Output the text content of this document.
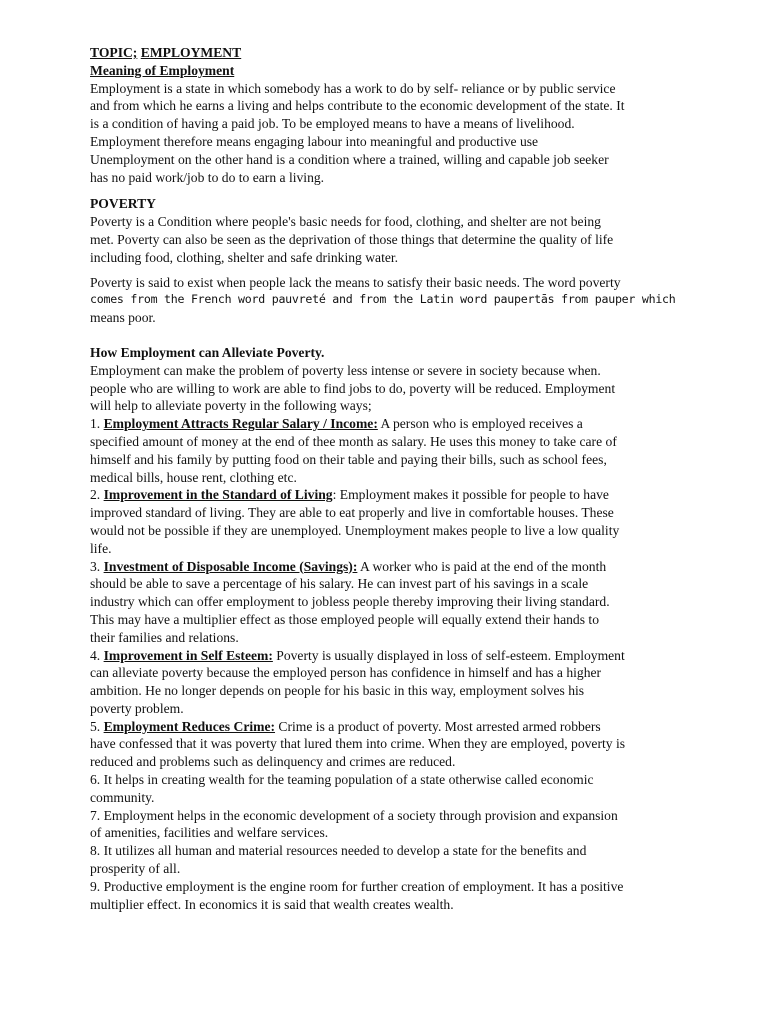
TOPIC; EMPLOYMENT

Meaning of Employment

Employment is a state in which somebody has a work to do by self- reliance or by public service

and from which he earns a living and helps contribute to the economic development of the state. It

is a condition of having a paid job. To be employed means to have a means of livelihood.

Employment therefore means engaging labour into meaningful and productive use

Unemployment on the other hand is a condition where a trained, willing and capable job seeker

has no paid work/job to do to earn a living.

POVERTY

Poverty is a Condition where people's basic needs for food, clothing, and shelter are not being

met. Poverty can also be seen as the deprivation of those things that determine the quality of life

including food, clothing, shelter and safe drinking water.

Poverty is said to exist when people lack the means to satisfy their basic needs. The word poverty

comes from the French word pauvreté and from the Latin word paupertās from pauper which

means poor.

How Employment can Alleviate Poverty.

Employment can make the problem of poverty less intense or severe in society because when.

people who are willing to work are able to find jobs to do, poverty will be reduced. Employment

will help to alleviate poverty in the following ways;

1. Employment Attracts Regular Salary / Income: A person who is employed receives a

specified amount of money at the end of thee month as salary. He uses this money to take care of

himself and his family by putting food on their table and paying their bills, such as school fees,

medical bills, house rent, clothing etc.

2. Improvement in the Standard of Living: Employment makes it possible for people to have

improved standard of living. They are able to eat properly and live in comfortable houses. These

would not be possible if they are unemployed. Unemployment makes people to live a low quality

life.

3. Investment of Disposable Income (Savings): A worker who is paid at the end of the month

should be able to save a percentage of his salary. He can invest part of his savings in a scale

industry which can offer employment to jobless people thereby improving their living standard.

This may have a multiplier effect as those employed people will equally extend their hands to

their families and relations.

4. Improvement in Self Esteem: Poverty is usually displayed in loss of self-esteem. Employment

can alleviate poverty because the employed person has confidence in himself and has a higher

ambition. He no longer depends on people for his basic in this way, employment solves his

poverty problem.

5. Employment Reduces Crime: Crime is a product of poverty. Most arrested armed robbers

have confessed that it was poverty that lured them into crime. When they are employed, poverty is

reduced and problems such as delinquency and crimes are reduced.

6. It helps in creating wealth for the teaming population of a state otherwise called economic

community.

7. Employment helps in the economic development of a society through provision and expansion

of amenities, facilities and welfare services.

8. It utilizes all human and material resources needed to develop a state for the benefits and

prosperity of all.

9. Productive employment is the engine room for further creation of employment. It has a positive

multiplier effect. In economics it is said that wealth creates wealth.
